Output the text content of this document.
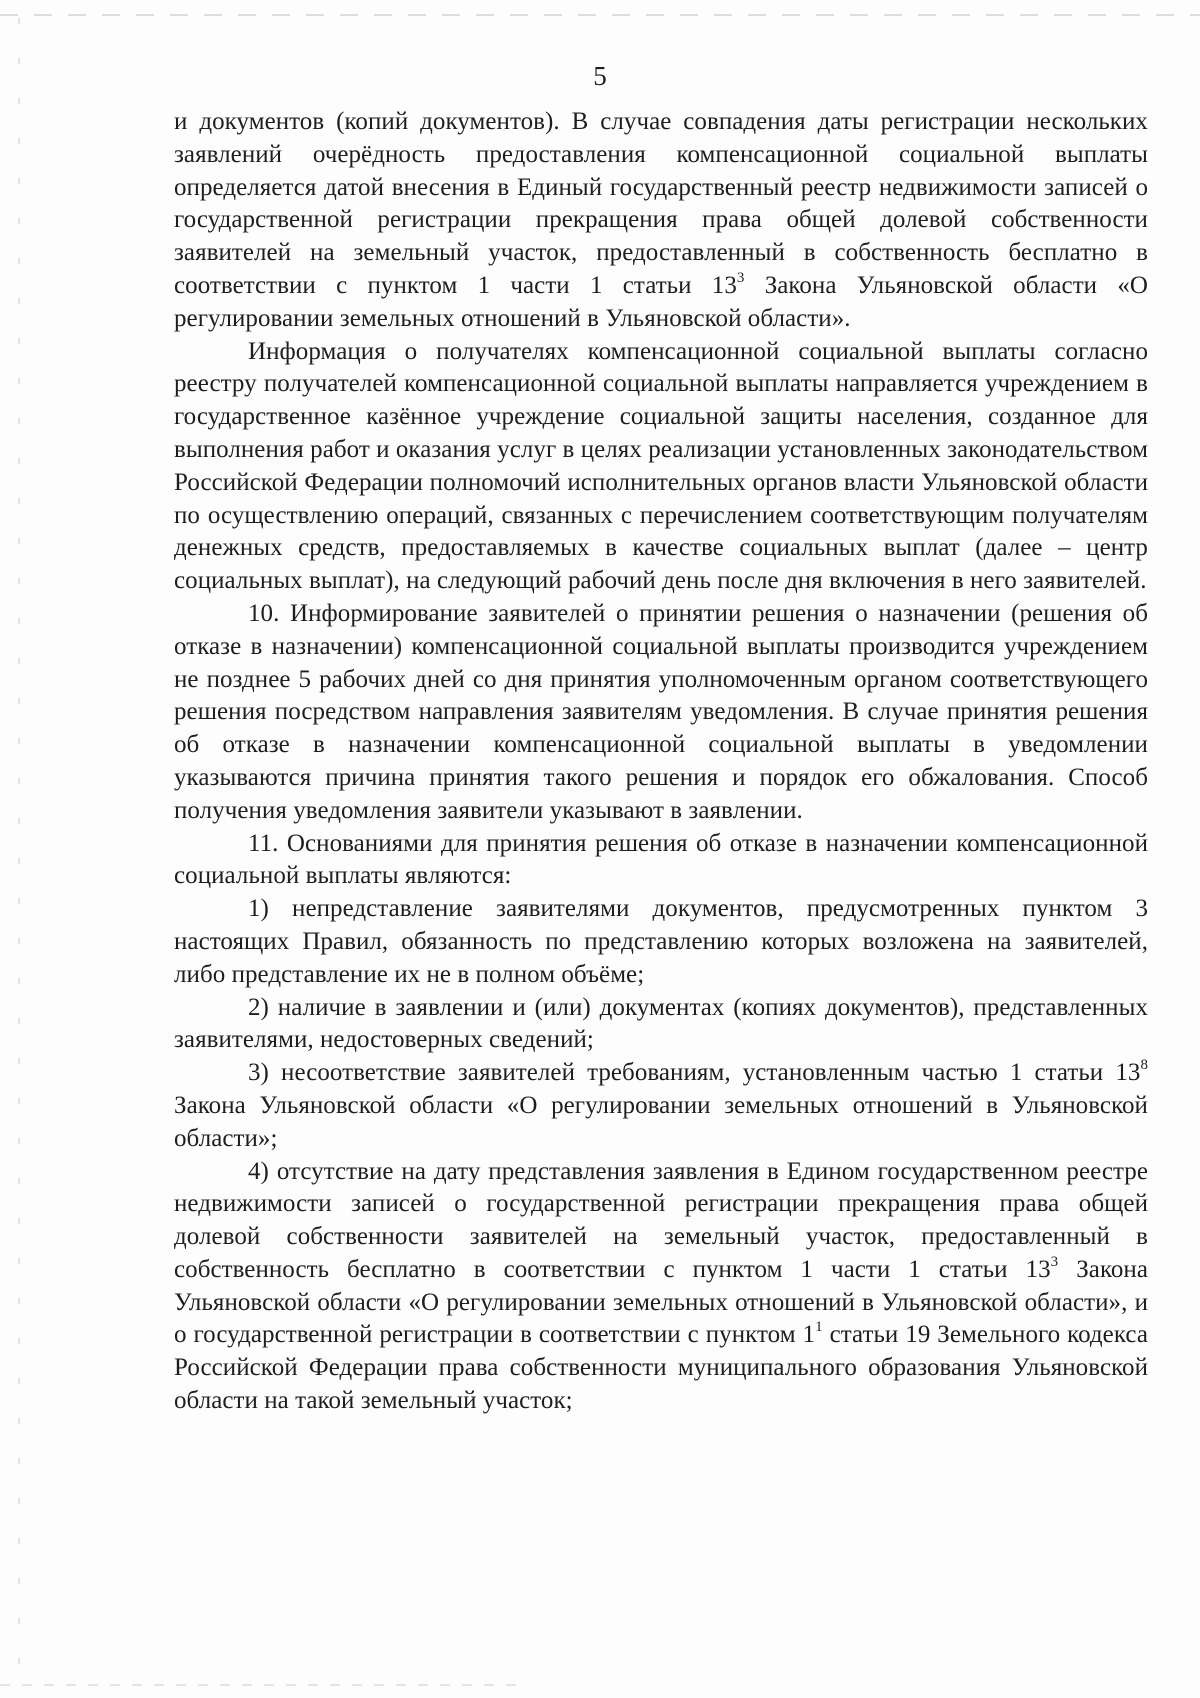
5

и документов (копий документов). В случае совпадения даты регистрации нескольких заявлений очерёдность предоставления компенсационной социальной выплаты определяется датой внесения в Единый государственный реестр недвижимости записей о государственной регистрации прекращения права общей долевой собственности заявителей на земельный участок, предоставленный в собственность бесплатно в соответствии с пунктом 1 части 1 статьи $13^3$ Закона Ульяновской области «О регулировании земельных отношений в Ульяновской области».

Информация о получателях компенсационной социальной выплаты согласно реестру получателей компенсационной социальной выплаты направляется учреждением в государственное казённое учреждение социальной защиты населения, созданное для выполнения работ и оказания услуг в целях реализации установленных законодательством Российской Федерации полномочий исполнительных органов власти Ульяновской области по осуществлению операций, связанных с перечислением соответствующим получателям денежных средств, предоставляемых в качестве социальных выплат (далее – центр социальных выплат), на следующий рабочий день после дня включения в него заявителей.

10. Информирование заявителей о принятии решения о назначении (решения об отказе в назначении) компенсационной социальной выплаты производится учреждением не позднее 5 рабочих дней со дня принятия уполномоченным органом соответствующего решения посредством направления заявителям уведомления. В случае принятия решения об отказе в назначении компенсационной социальной выплаты в уведомлении указываются причина принятия такого решения и порядок его обжалования. Способ получения уведомления заявители указывают в заявлении.

11. Основаниями для принятия решения об отказе в назначении компенсационной социальной выплаты являются:

1) непредставление заявителями документов, предусмотренных пунктом 3 настоящих Правил, обязанность по представлению которых возложена на заявителей, либо представление их не в полном объёме;

2) наличие в заявлении и (или) документах (копиях документов), представленных заявителями, недостоверных сведений;

3) несоответствие заявителей требованиям, установленным частью 1 статьи $13^8$ Закона Ульяновской области «О регулировании земельных отношений в Ульяновской области»;

4) отсутствие на дату представления заявления в Едином государственном реестре недвижимости записей о государственной регистрации прекращения права общей долевой собственности заявителей на земельный участок, предоставленный в собственность бесплатно в соответствии с пунктом 1 части 1 статьи $13^3$ Закона Ульяновской области «О регулировании земельных отношений в Ульяновской области», и о государственной регистрации в соответствии с пунктом $1^1$ статьи 19 Земельного кодекса Российской Федерации права собственности муниципального образования Ульяновской области на такой земельный участок;
